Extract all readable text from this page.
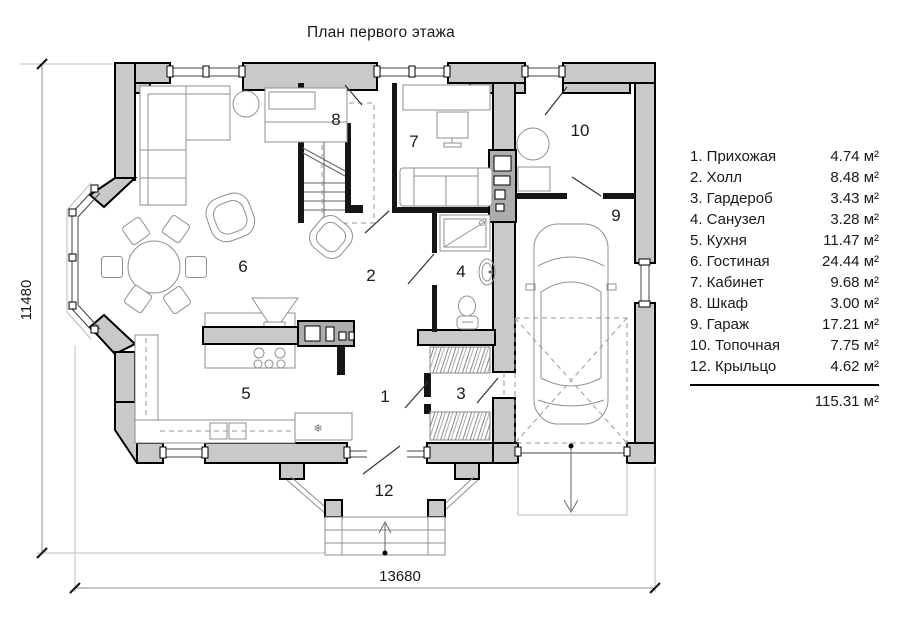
План первого этажа
1. Прихожая	4.74 м²
2. Холл	8.48 м²
3. Гардероб	3.43 м²
4. Санузел	3.28 м²
5. Кухня	11.47 м²
6. Гостиная	24.44 м²
7. Кабинет	9.68 м²
8. Шкаф	3.00 м²
9. Гараж	17.21 м²
10. Топочная	7.75 м²
12. Крыльцо	4.62 м²
115.31 м²
11480
13680
❄
1
2
3
4
5
6
7
8
9
10
12
